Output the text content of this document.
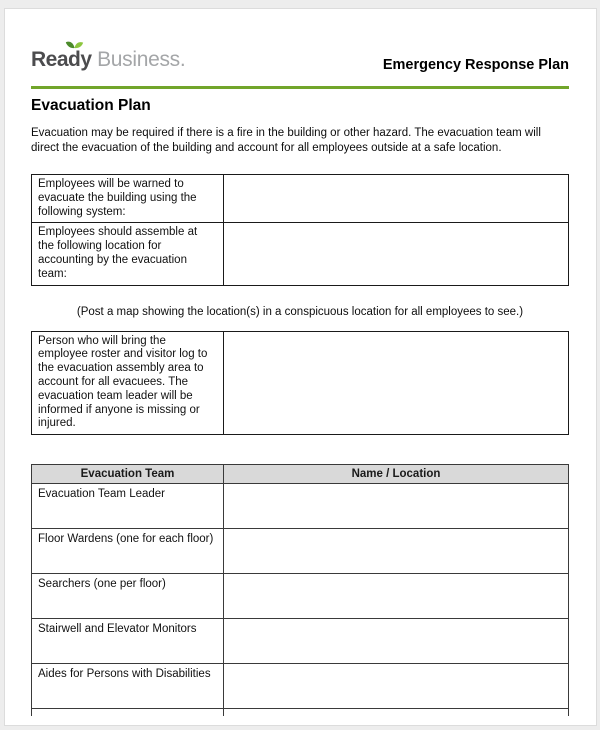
Ready Business.	Emergency Response Plan
Evacuation Plan

Evacuation may be required if there is a fire in the building or other hazard. The evacuation team will direct the evacuation of the building and account for all employees outside at a safe location.

Employees will be warned to evacuate the building using the following system:	
Employees should assemble at the following location for accounting by the evacuation team:	

(Post a map showing the location(s) in a conspicuous location for all employees to see.)

Person who will bring the employee roster and visitor log to the evacuation assembly area to account for all evacuees. The evacuation team leader will be informed if anyone is missing or injured.	
Evacuation Team	Name / Location
Evacuation Team Leader	
Floor Wardens (one for each floor)	
Searchers (one per floor)	
Stairwell and Elevator Monitors	
Aides for Persons with Disabilities	
